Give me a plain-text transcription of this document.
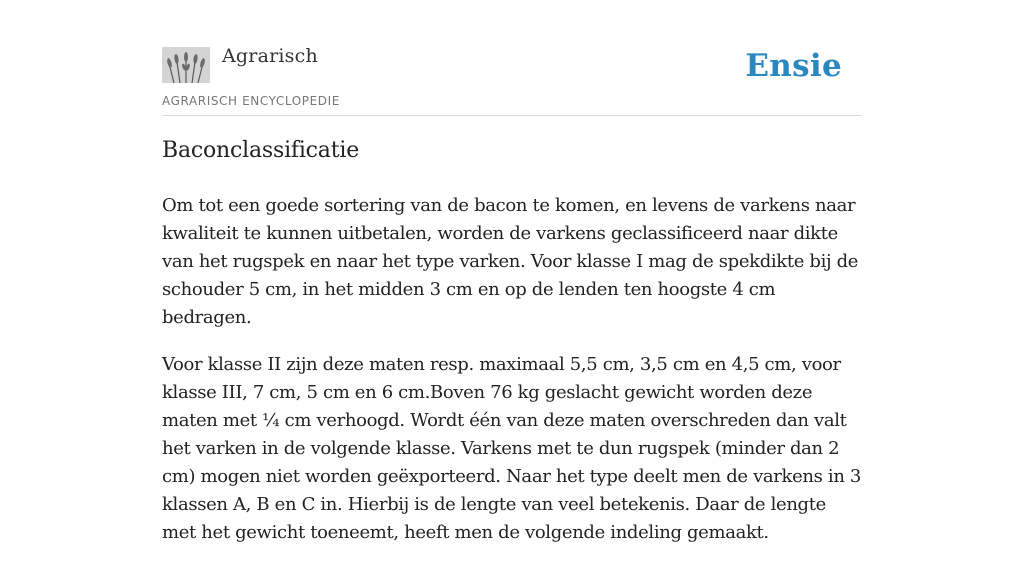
Agrarisch
AGRARISCH ENCYCLOPEDIE
Ensie
Baconclassificatie

Om tot een goede sortering van de bacon te komen, en levens de varkens naar kwaliteit te kunnen uitbetalen, worden de varkens geclassificeerd naar dikte van het rugspek en naar het type varken. Voor klasse I mag de spekdikte bij de schouder 5 cm, in het midden 3 cm en op de lenden ten hoogste 4 cm bedragen.

Voor klasse II zijn deze maten resp. maximaal 5,5 cm, 3,5 cm en 4,5 cm, voor klasse III, 7 cm, 5 cm en 6 cm.Boven 76 kg geslacht gewicht worden deze maten met ¼ cm verhoogd. Wordt één van deze maten overschreden dan valt het varken in de volgende klasse. Varkens met te dun rugspek (minder dan 2 cm) mogen niet worden geëxporteerd. Naar het type deelt men de varkens in 3 klassen A, B en C in. Hierbij is de lengte van veel betekenis. Daar de lengte met het gewicht toeneemt, heeft men de volgende indeling gemaakt.
